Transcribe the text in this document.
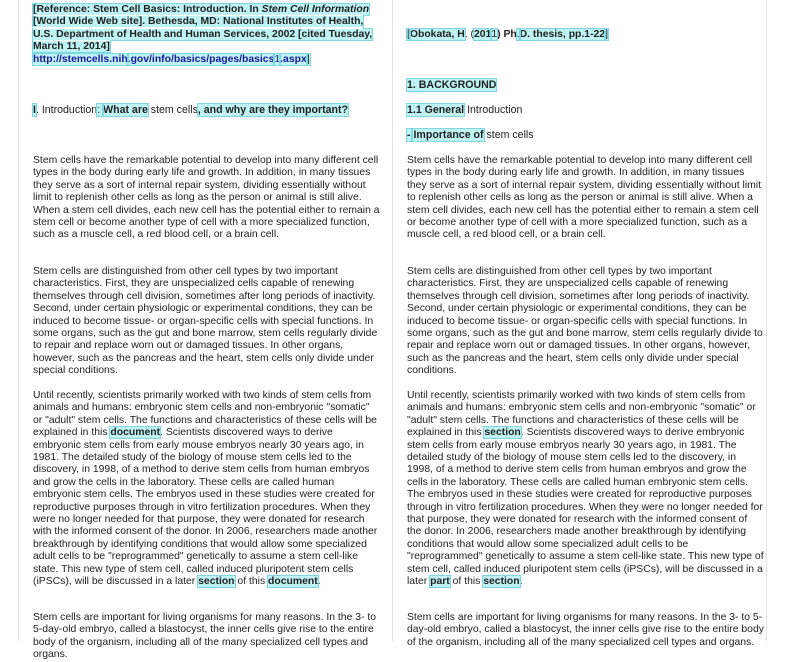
[Reference: Stem Cell Basics: Introduction. In Stem Cell Information [World Wide Web site]. Bethesda, MD: National Institutes of Health, U.S. Department of Health and Human Services, 2002 [cited Tuesday, March 11, 2014]
http://stemcells.nih.gov/info/basics/pages/basics1.aspx]

I. Introduction: What are stem cells, and why are they important?

Stem cells have the remarkable potential to develop into many different cell types in the body during early life and growth. In addition, in many tissues they serve as a sort of internal repair system, dividing essentially without limit to replenish other cells as long as the person or animal is still alive. When a stem cell divides, each new cell has the potential either to remain a stem cell or become another type of cell with a more specialized function, such as a muscle cell, a red blood cell, or a brain cell.

Stem cells are distinguished from other cell types by two important characteristics. First, they are unspecialized cells capable of renewing themselves through cell division, sometimes after long periods of inactivity. Second, under certain physiologic or experimental conditions, they can be induced to become tissue- or organ-specific cells with special functions. In some organs, such as the gut and bone marrow, stem cells regularly divide to repair and replace worn out or damaged tissues. In other organs, however, such as the pancreas and the heart, stem cells only divide under special conditions.

Until recently, scientists primarily worked with two kinds of stem cells from animals and humans: embryonic stem cells and non-embryonic "somatic" or "adult" stem cells. The functions and characteristics of these cells will be explained in this document. Scientists discovered ways to derive embryonic stem cells from early mouse embryos nearly 30 years ago, in 1981. The detailed study of the biology of mouse stem cells led to the discovery, in 1998, of a method to derive stem cells from human embryos and grow the cells in the laboratory. These cells are called human embryonic stem cells. The embryos used in these studies were created for reproductive purposes through in vitro fertilization procedures. When they were no longer needed for that purpose, they were donated for research with the informed consent of the donor. In 2006, researchers made another breakthrough by identifying conditions that would allow some specialized adult cells to be "reprogrammed" genetically to assume a stem cell-like state. This new type of stem cell, called induced pluripotent stem cells (iPSCs), will be discussed in a later section of this document.

Stem cells are important for living organisms for many reasons. In the 3- to 5-day-old embryo, called a blastocyst, the inner cells give rise to the entire body of the organism, including all of the many specialized cell types and organs.

[Obokata, H. (2011) Ph.D. thesis, pp.1-22]

1. BACKGROUND

1.1 General Introduction

- Importance of stem cells

Stem cells have the remarkable potential to develop into many different cell types in the body during early life and growth. In addition, in many tissues they serve as a sort of internal repair system, dividing essentially without limit to replenish other cells as long as the person or animal is still alive. When a stem cell divides, each new cell has the potential either to remain a stem cell or become another type of cell with a more specialized function, such as a muscle cell, a red blood cell, or a brain cell.

Stem cells are distinguished from other cell types by two important characteristics. First, they are unspecialized cells capable of renewing themselves through cell division, sometimes after long periods of inactivity. Second, under certain physiologic or experimental conditions, they can be induced to become tissue- or organ-specific cells with special functions. In some organs, such as the gut and bone marrow, stem cells regularly divide to repair and replace worn out or damaged tissues. In other organs, however, such as the pancreas and the heart, stem cells only divide under special conditions.

Until recently, scientists primarily worked with two kinds of stem cells from animals and humans: embryonic stem cells and non-embryonic "somatic" or "adult" stem cells. The functions and characteristics of these cells will be explained in this section. Scientists discovered ways to derive embryonic stem cells from early mouse embryos nearly 30 years ago, in 1981. The detailed study of the biology of mouse stem cells led to the discovery, in 1998, of a method to derive stem cells from human embryos and grow the cells in the laboratory. These cells are called human embryonic stem cells. The embryos used in these studies were created for reproductive purposes through in vitro fertilization procedures. When they were no longer needed for that purpose, they were donated for research with the informed consent of the donor. In 2006, researchers made another breakthrough by identifying conditions that would allow some specialized adult cells to be "reprogrammed" genetically to assume a stem cell-like state. This new type of stem cell, called induced pluripotent stem cells (iPSCs), will be discussed in a later part of this section.

Stem cells are important for living organisms for many reasons. In the 3- to 5-day-old embryo, called a blastocyst, the inner cells give rise to the entire body of the organism, including all of the many specialized cell types and organs.
